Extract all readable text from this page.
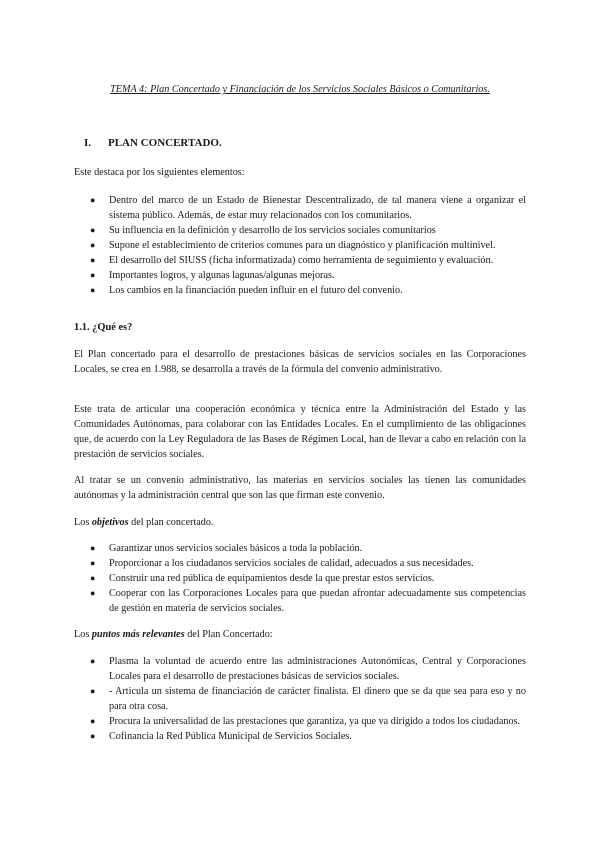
TEMA 4: Plan Concertado y Financiación de los Servicios Sociales Básicos o Comunitarios.
I. PLAN CONCERTADO.
Este destaca por los siguientes elementos:
● Dentro del marco de un Estado de Bienestar Descentralizado, de tal manera viene a organizar el sistema público. Además, de estar muy relacionados con los comunitarios.
● Su influencia en la definición y desarrollo de los servicios sociales comunitarios
● Supone el establecimiento de criterios comunes para un diagnóstico y planificación multinivel.
● El desarrollo del SIUSS (ficha informatizada) como herramienta de seguimiento y evaluación.
● Importantes logros, y algunas lagunas/algunas mejoras.
● Los cambios en la financiación pueden influir en el futuro del convenio.
1.1. ¿Qué es?
El Plan concertado para el desarrollo de prestaciones básicas de servicios sociales en las Corporaciones Locales, se crea en 1.988, se desarrolla a través de la fórmula del convenio administrativo.
Este trata de articular una cooperación económica y técnica entre la Administración del Estado y las Comunidades Autónomas, para colaborar con las Entidades Locales. En el cumplimiento de las obligaciones que, de acuerdo con la Ley Reguladora de las Bases de Régimen Local, han de llevar a cabo en relación con la prestación de servicios sociales.
Al tratar se un convenio administrativo, las materias en servicios sociales las tienen las comunidades autónomas y la administración central que son las que firman este convenio.
Los objetivos del plan concertado.
● Garantizar unos servicios sociales básicos a toda la población.
● Proporcionar a los ciudadanos servicios sociales de calidad, adecuados a sus necesidades.
● Construir una red pública de equipamientos desde la que prestar estos servicios.
● Cooperar con las Corporaciones Locales para que puedan afrontar adecuadamente sus competencias de gestión en materia de servicios sociales.
Los puntos más relevantes del Plan Concertado:
● Plasma la voluntad de acuerdo entre las administraciones Autonómicas, Central y Corporaciones Locales para el desarrollo de prestaciones básicas de servicios sociales.
● - Articula un sistema de financiación de carácter finalista. El dinero que se da que sea para eso y no para otra cosa.
● Procura la universalidad de las prestaciones que garantiza, ya que va dirigido a todos los ciudadanos.
● Cofinancia la Red Pública Municipal de Servicios Sociales.
